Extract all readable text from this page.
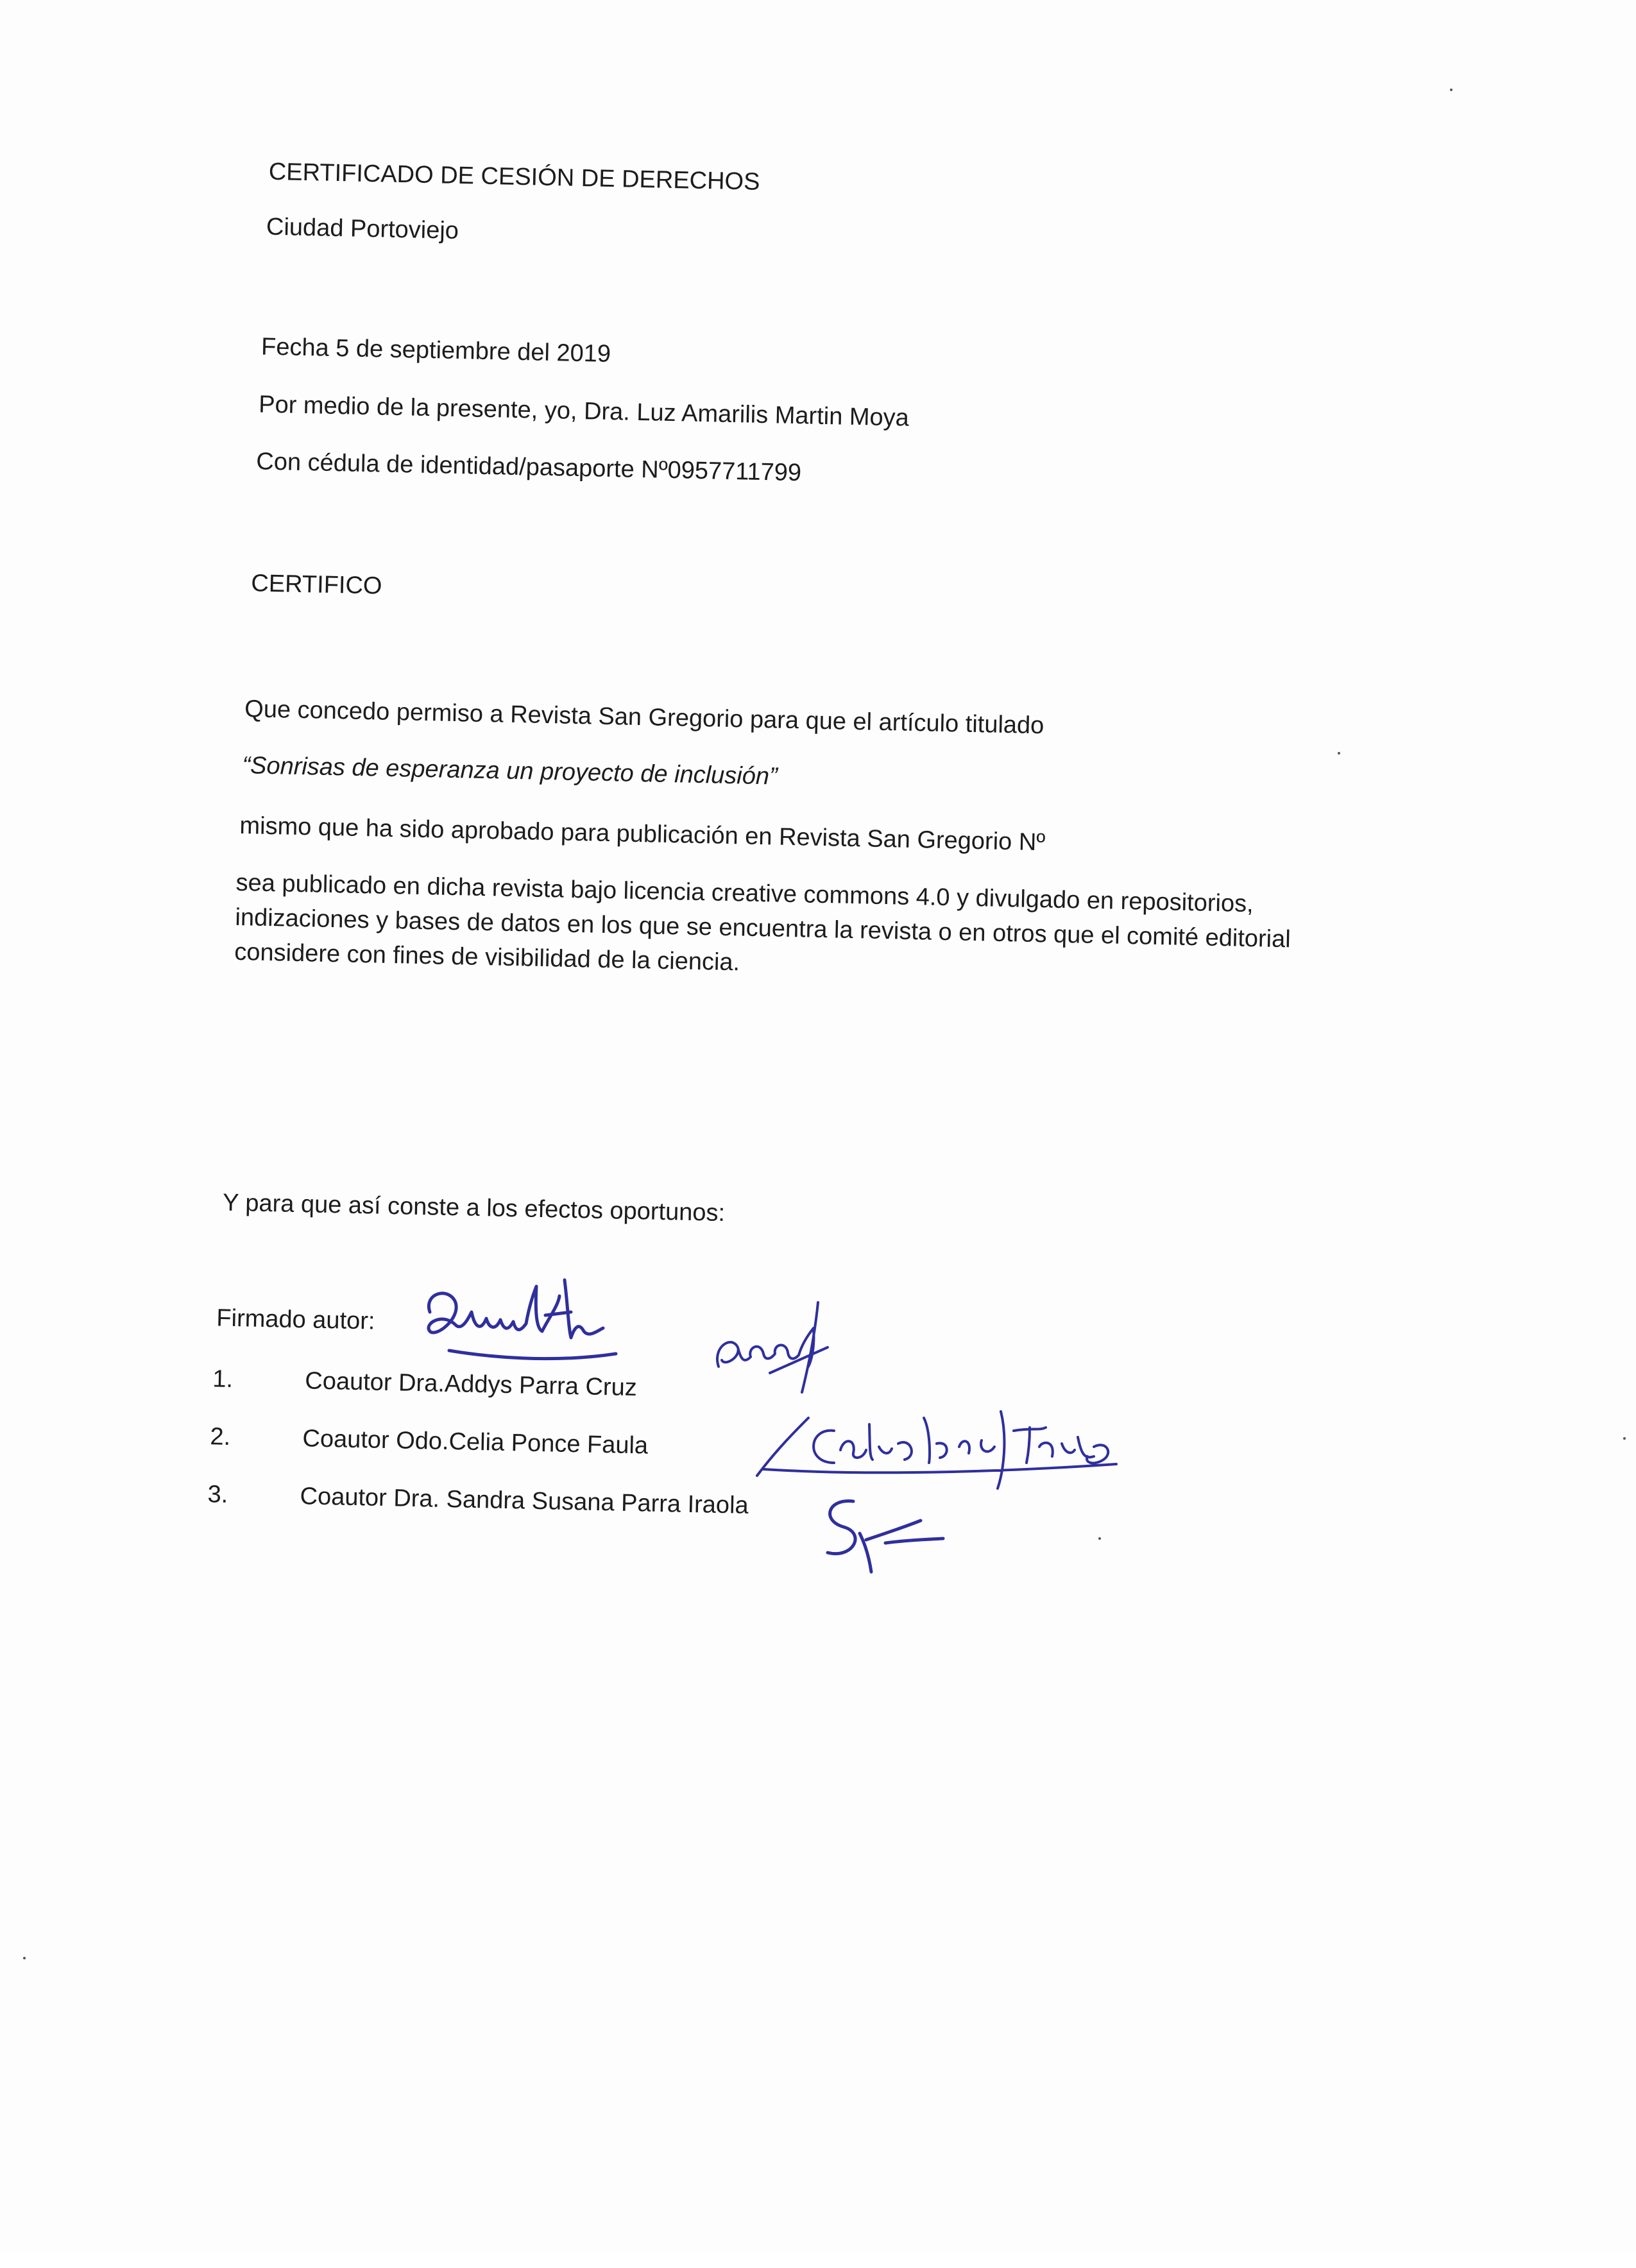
CERTIFICADO DE CESIÓN DE DERECHOS
Ciudad Portoviejo
Fecha 5 de septiembre del 2019
Por medio de la presente, yo, Dra. Luz Amarilis Martin Moya
Con cédula de identidad/pasaporte Nº0957711799
CERTIFICO
Que concedo permiso a Revista San Gregorio para que el artículo titulado
“Sonrisas de esperanza un proyecto de inclusión”
mismo que ha sido aprobado para publicación en Revista San Gregorio Nº
sea publicado en dicha revista bajo licencia creative commons 4.0 y divulgado en repositorios, indizaciones y bases de datos en los que se encuentra la revista o en otros que el comité editorial considere con fines de visibilidad de la ciencia.
Y para que así conste a los efectos oportunos:
Firmado autor:
1.	Coautor Dra.Addys Parra Cruz
2.	Coautor Odo.Celia Ponce Faula
3.	Coautor Dra. Sandra Susana Parra Iraola
